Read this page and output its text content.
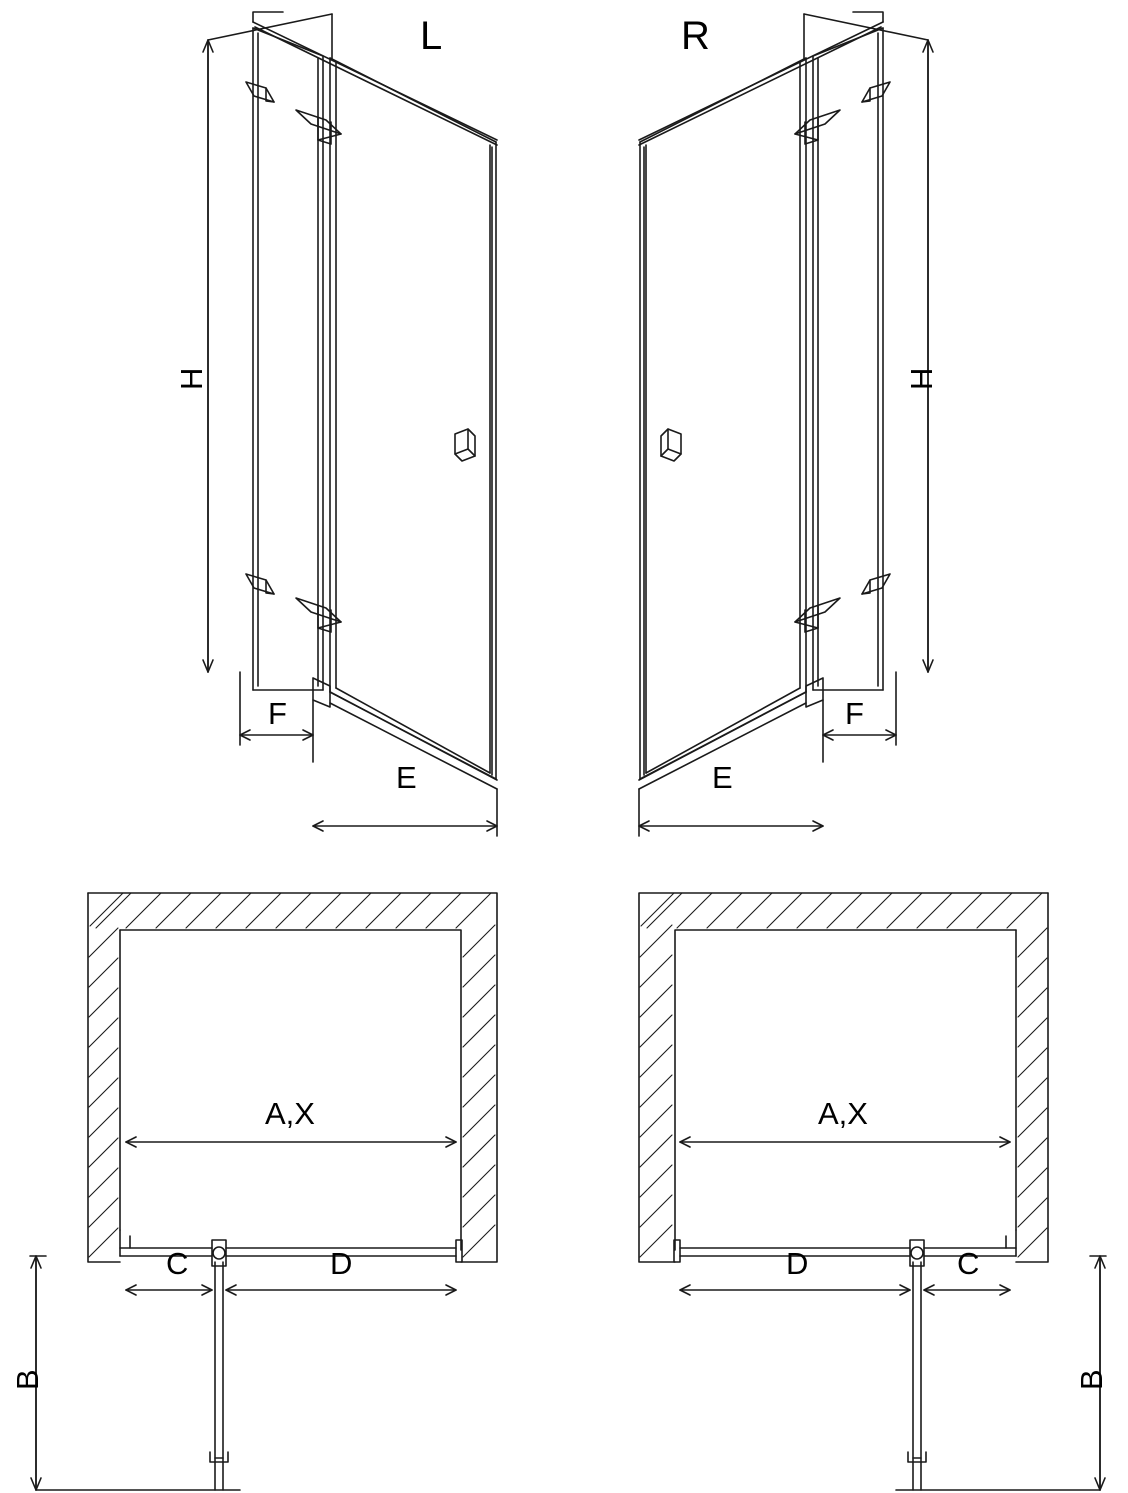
L	R
H	H
F
E
F
E
A,X	A,X
C	D	D	C
B	B
